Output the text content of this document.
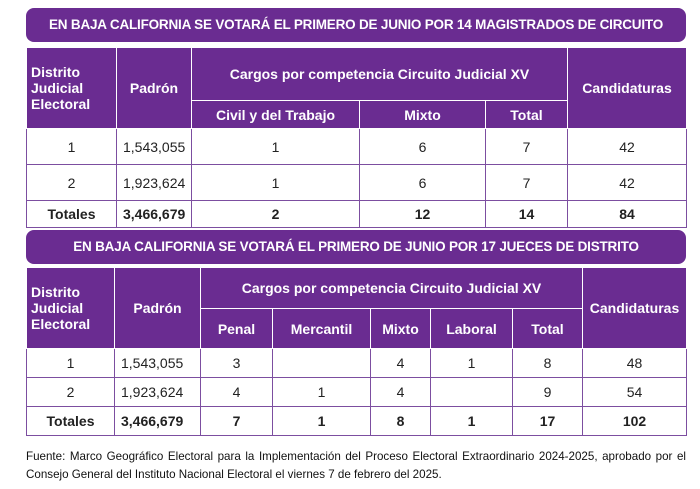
EN BAJA CALIFORNIA SE VOTARÁ EL PRIMERO DE JUNIO POR 14 MAGISTRADOS DE CIRCUITO
Distrito Judicial Electoral	Padrón	Cargos por competencia Circuito Judicial XV			Candidaturas
		Civil y del Trabajo	Mixto	Total	
1	1,543,055	1	6	7	42
2	1,923,624	1	6	7	42
Totales	3,466,679	2	12	14	84
EN BAJA CALIFORNIA SE VOTARÁ EL PRIMERO DE JUNIO POR 17 JUECES DE DISTRITO
Distrito Judicial Electoral	Padrón	Cargos por competencia Circuito Judicial XV					Candidaturas
		Penal	Mercantil	Mixto	Laboral	Total	
1	1,543,055	3		4	1	8	48
2	1,923,624	4	1	4		9	54
Totales	3,466,679	7	1	8	1	17	102
Fuente: Marco Geográfico Electoral para la Implementación del Proceso Electoral Extraordinario 2024-2025, aprobado por el Consejo General del Instituto Nacional Electoral el viernes 7 de febrero del 2025.
